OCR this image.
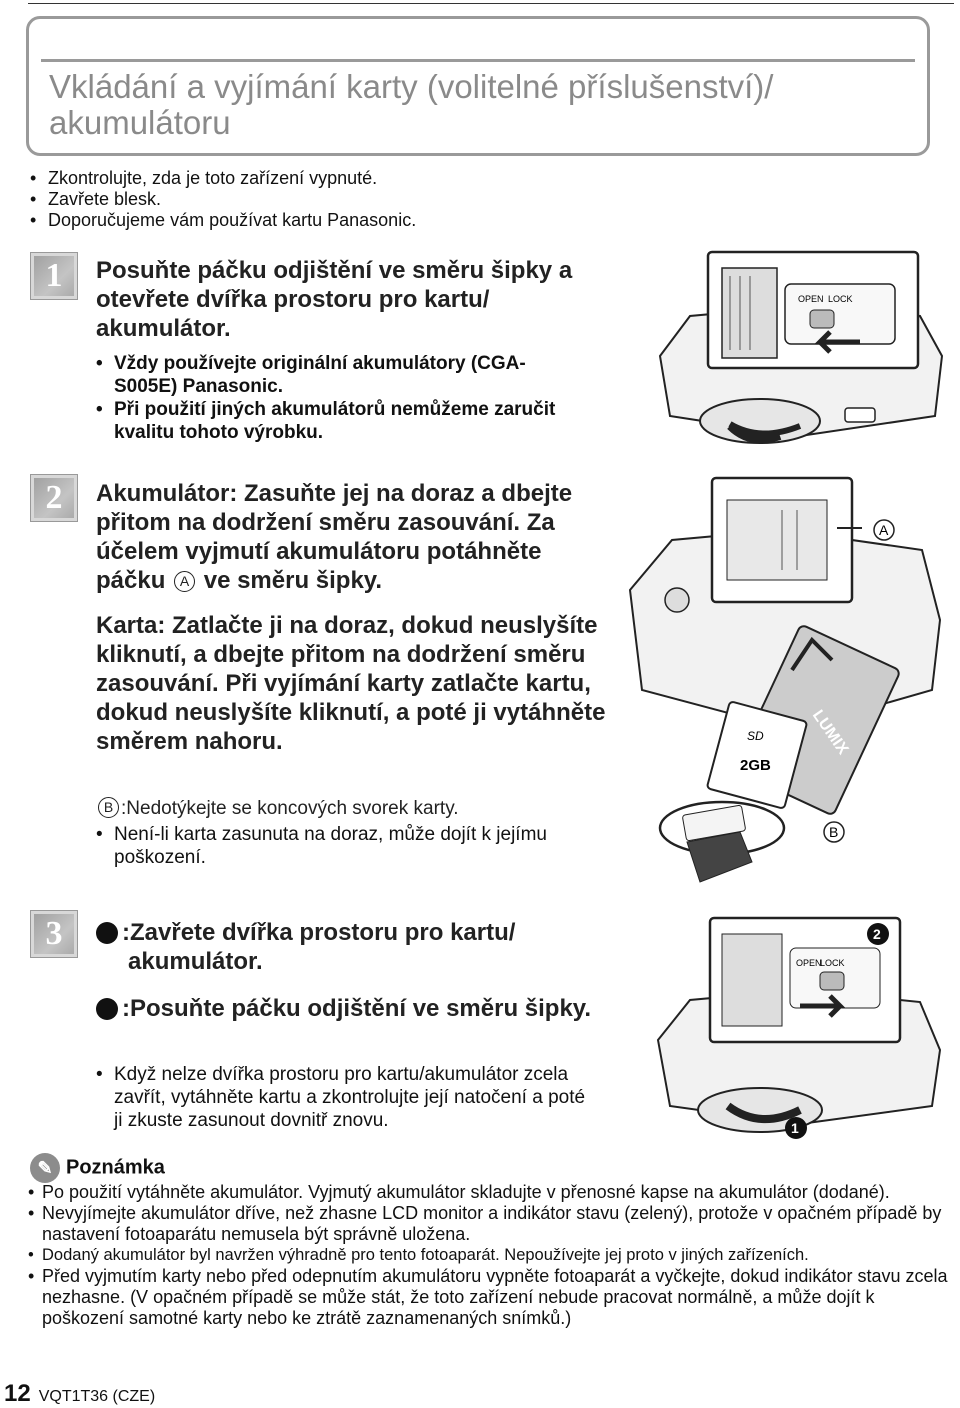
Vkládání a vyjímání karty (volitelné příslušenství)/ akumulátoru
• Zkontrolujte, zda je toto zařízení vypnuté.
• Zavřete blesk.
• Doporučujeme vám používat kartu Panasonic.
1	Posuňte páčku odjištění ve směru šipky a otevřete dvířka prostoru pro kartu/ akumulátor.
• Vždy používejte originální akumulátory (CGA-S005E) Panasonic.
• Při použití jiných akumulátorů nemůžeme zaručit kvalitu tohoto výrobku.
OPEN LOCK
2	Akumulátor: Zasuňte jej na doraz a dbejte přitom na dodržení směru zasouvání. Za účelem vyjmutí akumulátoru potáhněte páčku A ve směru šipky.
Karta: Zatlačte ji na doraz, dokud neuslyšíte kliknutí, a dbejte přitom na dodržení směru zasouvání. Při vyjímání karty zatlačte kartu, dokud neuslyšíte kliknutí, a poté ji vytáhněte směrem nahoru.
B :Nedotýkejte se koncových svorek karty.
• Není-li karta zasunuta na doraz, může dojít k jejímu poškození.
A
LUMIX
SD
2GB
B
3	1 :Zavřete dvířka prostoru pro kartu/ akumulátor.
2 :Posuňte páčku odjištění ve směru šipky.
• Když nelze dvířka prostoru pro kartu/akumulátor zcela zavřít, vytáhněte kartu a zkontrolujte její natočení a poté ji zkuste zasunout dovnitř znovu.
OPEN
LOCK
2
1
✎ Poznámka
• Po použití vytáhněte akumulátor. Vyjmutý akumulátor skladujte v přenosné kapse na akumulátor (dodané).
• Nevyjímejte akumulátor dříve, než zhasne LCD monitor a indikátor stavu (zelený), protože v opačném případě by nastavení fotoaparátu nemusela být správně uložena.
• Dodaný akumulátor byl navržen výhradně pro tento fotoaparát. Nepoužívejte jej proto v jiných zařízeních.
• Před vyjmutím karty nebo před odepnutím akumulátoru vypněte fotoaparát a vyčkejte, dokud indikátor stavu zcela nezhasne. (V opačném případě se může stát, že toto zařízení nebude pracovat normálně, a může dojít k poškození samotné karty nebo ke ztrátě zaznamenaných snímků.)
12 VQT1T36 (CZE)
